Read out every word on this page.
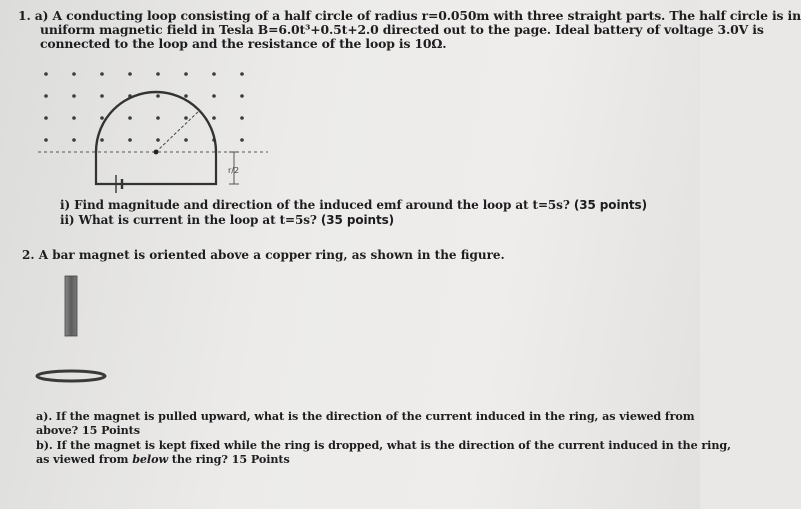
1. a) A conducting loop consisting of a half circle of radius r=0.050m with three straight parts. The half circle is in

uniform magnetic field in Tesla B=6.0t³+0.5t+2.0 directed out to the page. Ideal battery of voltage 3.0V is

connected to the loop and the resistance of the loop is 10Ω.

r/2

i) Find magnitude and direction of the induced emf around the loop at t=5s? (35 points)

ii) What is current in the loop at t=5s? (35 points)

2. A bar magnet is oriented above a copper ring, as shown in the figure.

a). If the magnet is pulled upward, what is the direction of the current induced in the ring, as viewed from

above? 15 Points

b). If the magnet is kept fixed while the ring is dropped, what is the direction of the current induced in the ring,

as viewed from below the ring? 15 Points
